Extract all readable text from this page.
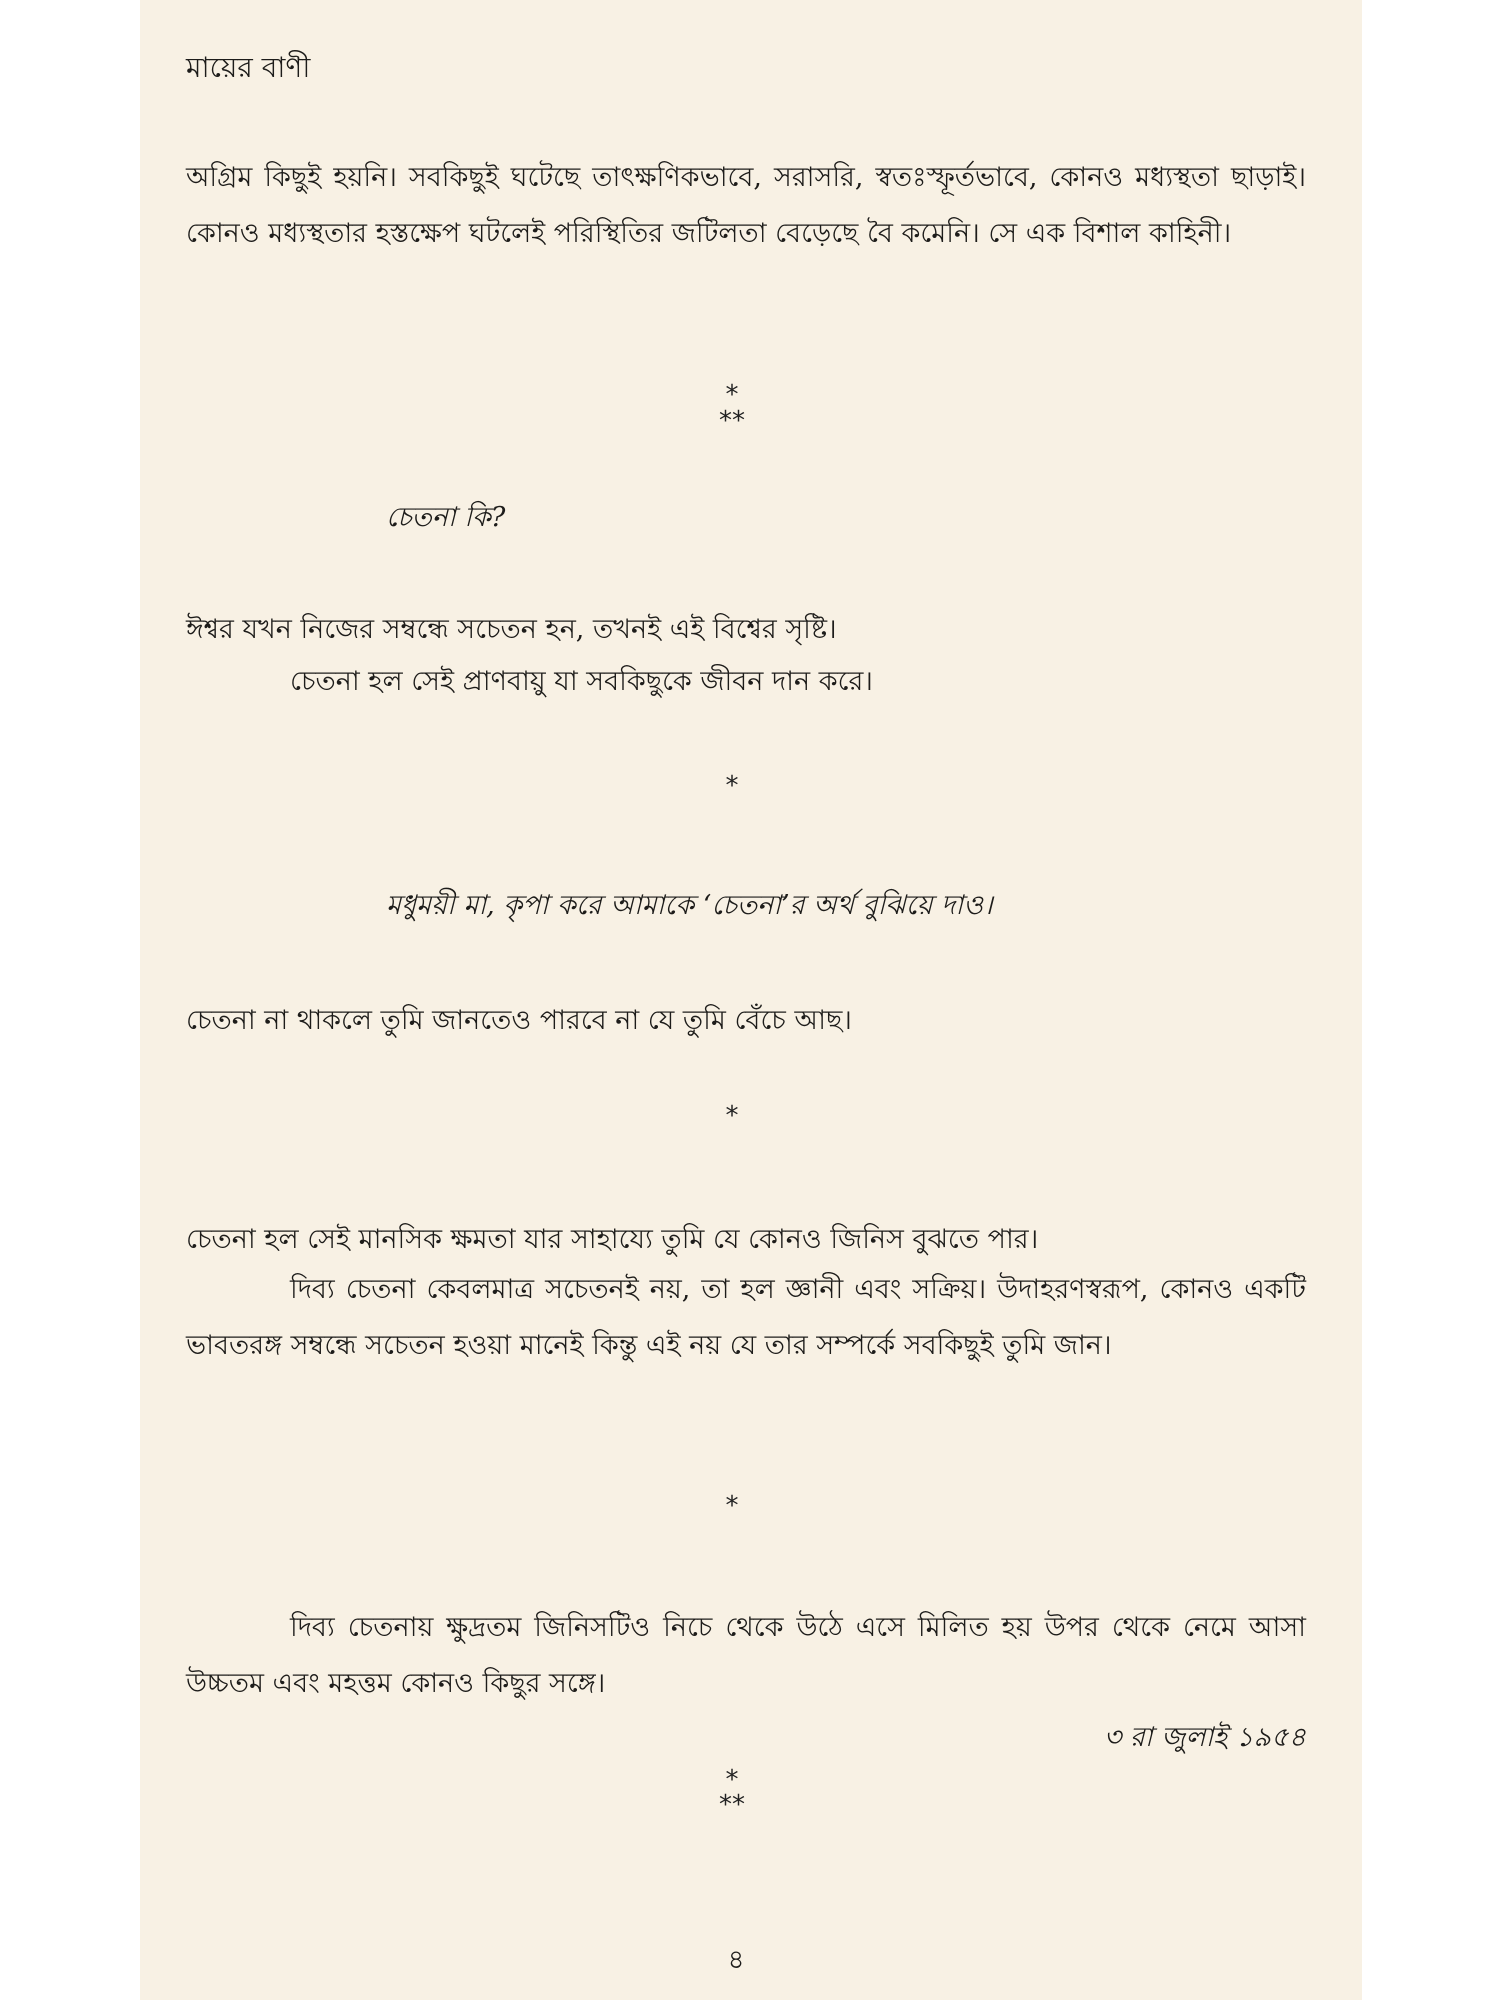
মায়ের বাণী
অগ্রিম কিছুই হয়নি। সবকিছুই ঘটেছে তাৎক্ষণিকভাবে, সরাসরি, স্বতঃস্ফূর্তভাবে, কোনও মধ্যস্থতা ছাড়াই। কোনও মধ্যস্থতার হস্তক্ষেপ ঘটলেই পরিস্থিতির জটিলতা বেড়েছে বৈ কমেনি। সে এক বিশাল কাহিনী।
*
**
চেতনা কি?
ঈশ্বর যখন নিজের সম্বন্ধে সচেতন হন, তখনই এই বিশ্বের সৃষ্টি।
চেতনা হল সেই প্রাণবায়ু যা সবকিছুকে জীবন দান করে।
*
মধুময়ী মা, কৃপা করে আমাকে ‘চেতনা’র অর্থ বুঝিয়ে দাও।
চেতনা না থাকলে তুমি জানতেও পারবে না যে তুমি বেঁচে আছ।
*
চেতনা হল সেই মানসিক ক্ষমতা যার সাহায্যে তুমি যে কোনও জিনিস বুঝতে পার।
দিব্য চেতনা কেবলমাত্র সচেতনই নয়, তা হল জ্ঞানী এবং সক্রিয়। উদাহরণস্বরূপ, কোনও একটি ভাবতরঙ্গ সম্বন্ধে সচেতন হওয়া মানেই কিন্তু এই নয় যে তার সম্পর্কে সবকিছুই তুমি জান।
*
দিব্য চেতনায় ক্ষুদ্রতম জিনিসটিও নিচে থেকে উঠে এসে মিলিত হয় উপর থেকে নেমে আসা উচ্চতম এবং মহত্তম কোনও কিছুর সঙ্গে।
৩ রা জুলাই ১৯৫৪
*
**
৪
